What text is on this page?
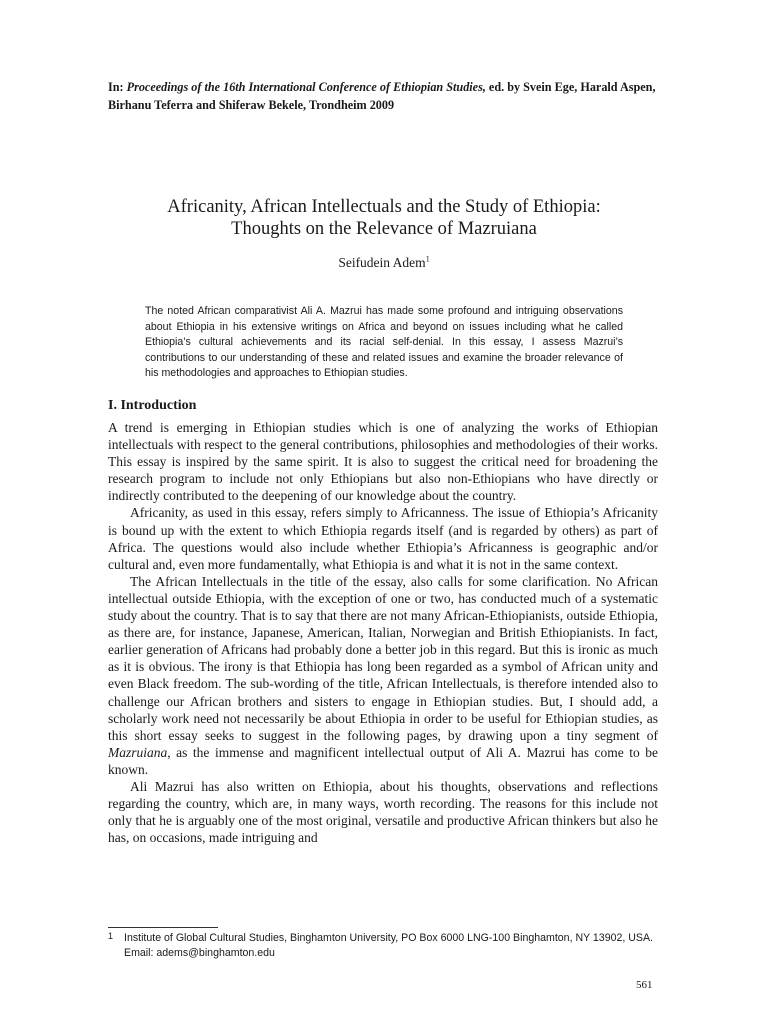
In: Proceedings of the 16th International Conference of Ethiopian Studies, ed. by Svein Ege, Harald Aspen, Birhanu Teferra and Shiferaw Bekele, Trondheim 2009
Africanity, African Intellectuals and the Study of Ethiopia:
Thoughts on the Relevance of Mazruiana
Seifudein Adem$^1$
The noted African comparativist Ali A. Mazrui has made some profound and intriguing observations about Ethiopia in his extensive writings on Africa and beyond on issues including what he called Ethiopia’s cultural achievements and its racial self-denial. In this essay, I assess Mazrui’s contributions to our understanding of these and related issues and examine the broader relevance of his methodologies and approaches to Ethiopian studies.
I. Introduction

A trend is emerging in Ethiopian studies which is one of analyzing the works of Ethiopian intellectuals with respect to the general contributions, philosophies and methodologies of their works. This essay is inspired by the same spirit. It is also to suggest the critical need for broadening the research program to include not only Ethiopians but also non-Ethiopians who have directly or indirectly contributed to the deepening of our knowledge about the country.

Africanity, as used in this essay, refers simply to Africanness. The issue of Ethiopia’s Africanity is bound up with the extent to which Ethiopia regards itself (and is regarded by others) as part of Africa. The questions would also include whether Ethiopia’s Africanness is geographic and/or cultural and, even more fundamentally, what Ethiopia is and what it is not in the same context.

The African Intellectuals in the title of the essay, also calls for some clarification. No African intellectual outside Ethiopia, with the exception of one or two, has conducted much of a systematic study about the country. That is to say that there are not many African-Ethiopianists, outside Ethiopia, as there are, for instance, Japanese, American, Italian, Norwegian and British Ethiopianists. In fact, earlier generation of Africans had probably done a better job in this regard. But this is ironic as much as it is obvious. The irony is that Ethiopia has long been regarded as a symbol of African unity and even Black freedom. The sub-wording of the title, African Intellectuals, is therefore intended also to challenge our African brothers and sisters to engage in Ethiopian studies. But, I should add, a scholarly work need not necessarily be about Ethiopia in order to be useful for Ethiopian studies, as this short essay seeks to suggest in the following pages, by drawing upon a tiny segment of Mazruiana, as the immense and magnificent intellectual output of Ali A. Mazrui has come to be known.

Ali Mazrui has also written on Ethiopia, about his thoughts, observations and reflections regarding the country, which are, in many ways, worth recording. The reasons for this include not only that he is arguably one of the most original, versatile and productive African thinkers but also he has, on occasions, made intriguing and

1 Institute of Global Cultural Studies, Binghamton University, PO Box 6000 LNG-100 Binghamton, NY 13902, USA. Email: adems@binghamton.edu
561
